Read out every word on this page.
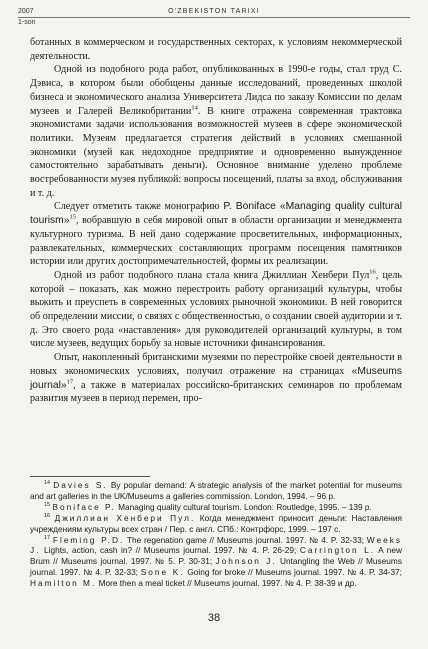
2007	O'ZBEKISTON TARIXI
1-son

ботанных в коммерческом и государственных секторах, к условиям некоммерческой деятельности.

Одной из подобного рода работ, опубликованных в 1990-е годы, стал труд С. Дэвиса, в котором были обобщены данные исследований, проведенных школой бизнеса и экономического анализа Университета Лидса по заказу Комиссии по делам музеев и Галерей Великобритании$^{14}$. В книге отражена современная трактовка экономистами задачи использования возможностей музеев в сфере экономической политики. Музеям предлагается стратегия действий в условиях смешанной экономики (музей как недоходное предприятие и одновременно вынужденное самостоятельно зарабатывать деньги). Основное внимание уделено проблеме востребованности музея публикой: вопросы посещений, платы за вход, обслуживания и т. д.

Следует отметить также монографию P. Boniface «Managing quality cultural tourism»$^{15}$, вобравшую в себя мировой опыт в области организации и менеджмента культурного туризма. В ней дано содержание просветительных, информационных, развлекательных, коммерческих составляющих программ посещения памятников истории или других достопримечательностей, формы их реализации.

Одной из работ подобного плана стала книга Джиллиан Хенбери Пул$^{16}$, цель которой – показать, как можно перестроить работу организаций культуры, чтобы выжить и преуспеть в современных условиях рыночной экономики. В ней говорится об определении миссии, о связях с общественностью, о создании своей аудитории и т. д. Это своего рода «наставления» для руководителей организаций культуры, в том числе музеев, ведущих борьбу за новые источники финансирования.

Опыт, накопленный британскими музеями по перестройке своей деятельности в новых экономических условиях, получил отражение на страницах «Museums journal»$^{17}$, а также в материалах российско-британских семинаров по проблемам развития музеев в период перемен, про-

$^{14}$ Davies S. By popular demand: A strategic analysis of the market potential for museums and art galleries in the UK/Museums a galleries commission. London, 1994. – 96 p.

$^{15}$ Boniface P. Managing quality cultural tourism. London: Routledge, 1995. – 139 p.

$^{16}$ Джиллиан Хенбери Пул. Когда менеджмент приносит деньги: Наставления учреждениям культуры всех стран / Пер. с англ. СПб.: Контрфорс, 1999. – 197 с.

$^{17}$ Fleming P.D. The regenation game // Museums journal. 1997. № 4. P. 32-33; Weeks J. Lights, action, cash in? // Museums journal. 1997. № 4. P. 26-29; Carrington L. A new Brum // Museums journal. 1997. № 5. P. 30-31; Johnson J. Untangling the Web // Museums journal. 1997. № 4. P. 32-33; Sone K. Going for broke // Museums journal. 1997. № 4. P. 34-37; Hamilton M. More then a meal ticket // Museums journal. 1997. № 4. P. 38-39 и др.

38
